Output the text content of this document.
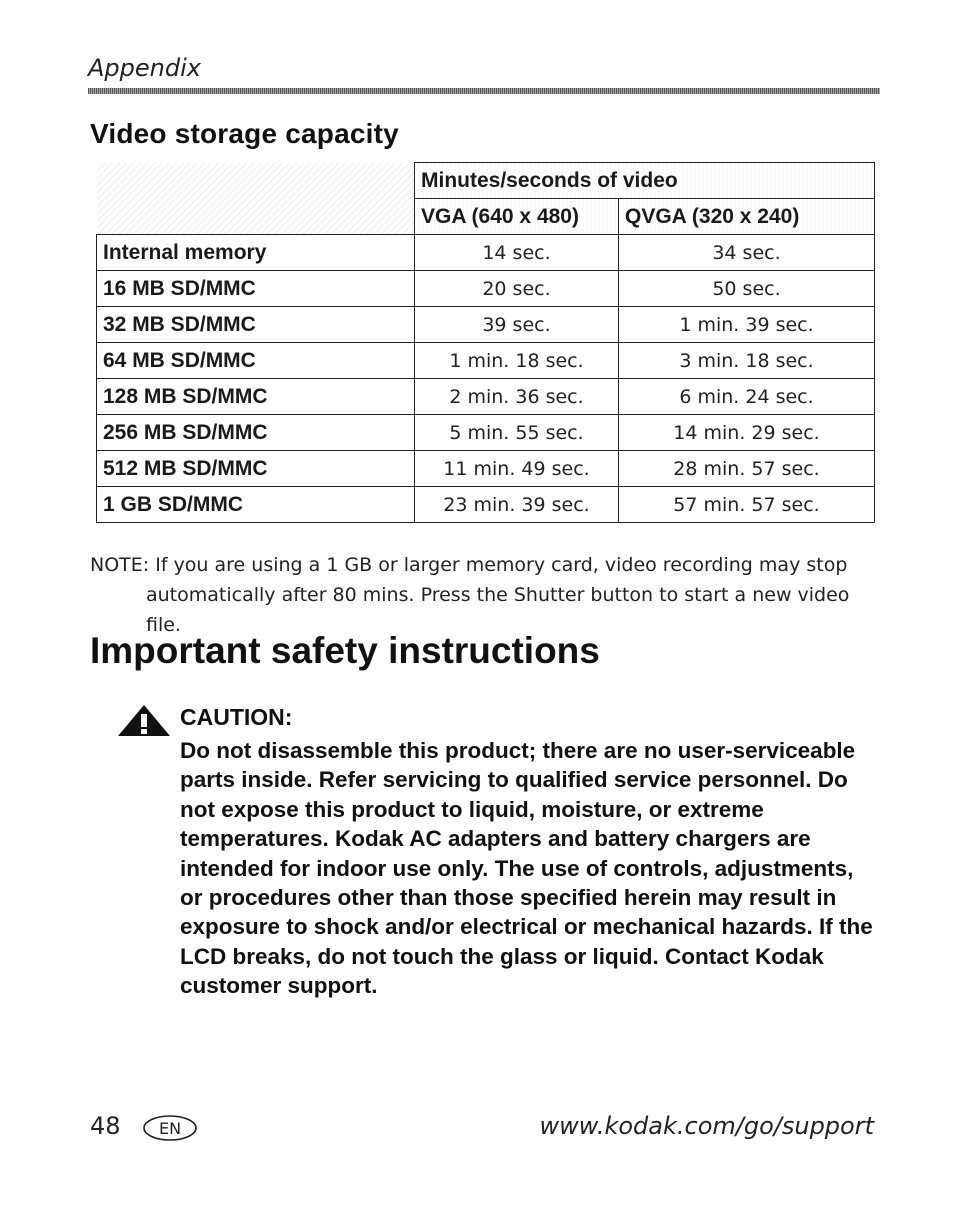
Appendix
Video storage capacity
	Minutes/seconds of video	
	VGA (640 x 480)	QVGA (320 x 240)
Internal memory	14 sec.	34 sec.
16 MB SD/MMC	20 sec.	50 sec.
32 MB SD/MMC	39 sec.	1 min. 39 sec.
64 MB SD/MMC	1 min. 18 sec.	3 min. 18 sec.
128 MB SD/MMC	2 min. 36 sec.	6 min. 24 sec.
256 MB SD/MMC	5 min. 55 sec.	14 min. 29 sec.
512 MB SD/MMC	11 min. 49 sec.	28 min. 57 sec.
1 GB SD/MMC	23 min. 39 sec.	57 min. 57 sec.
NOTE: If you are using a 1 GB or larger memory card, video recording may stop
automatically after 80 mins. Press the Shutter button to start a new video file.
Important safety instructions
CAUTION:
Do not disassemble this product; there are no user-serviceable parts inside. Refer servicing to qualified service personnel. Do not expose this product to liquid, moisture, or extreme temperatures. Kodak AC adapters and battery chargers are intended for indoor use only. The use of controls, adjustments, or procedures other than those specified herein may result in exposure to shock and/or electrical or mechanical hazards. If the LCD breaks, do not touch the glass or liquid. Contact Kodak customer support.
48 EN	www.kodak.com/go/support
